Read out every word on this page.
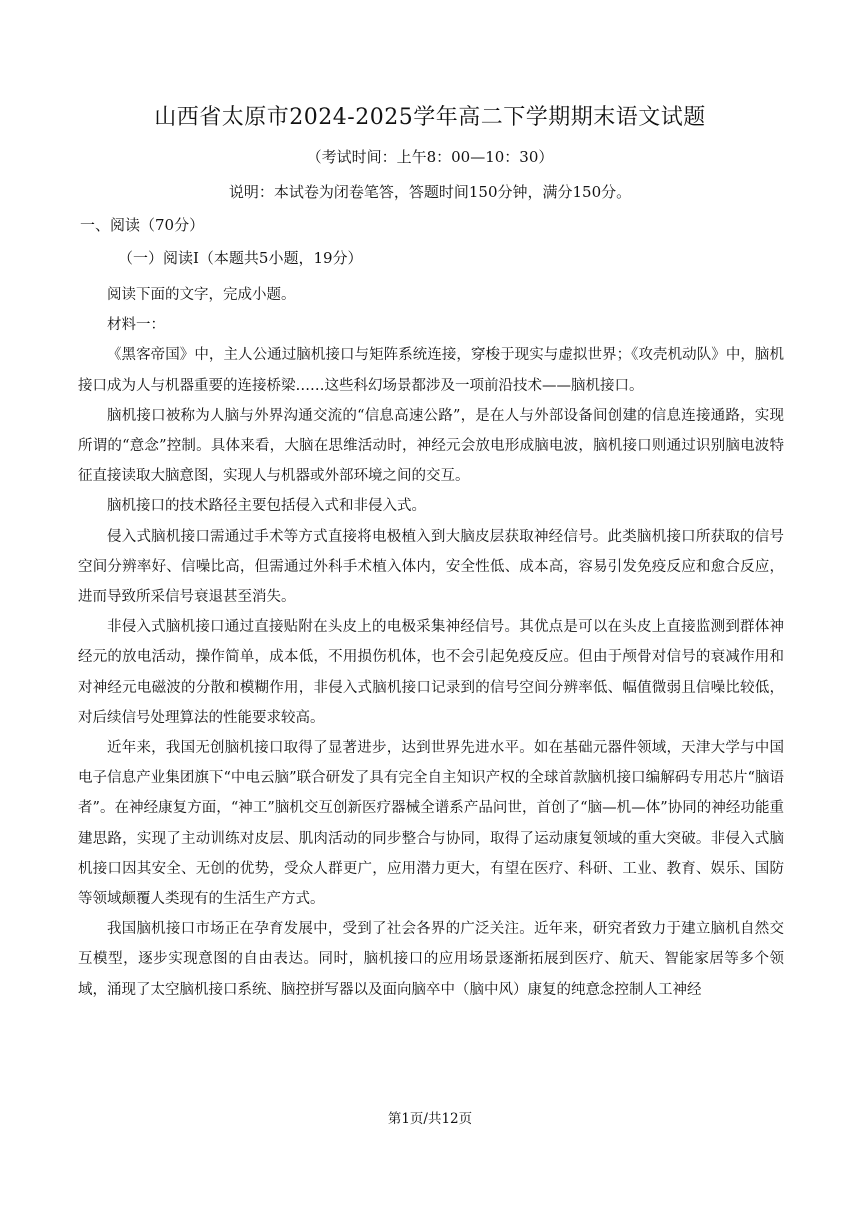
山西省太原市2024-2025学年高二下学期期末语文试题
（考试时间：上午8：00—10：30）
说明：本试卷为闭卷笔答，答题时间150分钟，满分150分。
一、阅读（70分）
（一）阅读Ⅰ（本题共5小题，19分）

阅读下面的文字，完成小题。

材料一：

《黑客帝国》中，主人公通过脑机接口与矩阵系统连接，穿梭于现实与虚拟世界；《攻壳机动队》中，脑机接口成为人与机器重要的连接桥梁……这些科幻场景都涉及一项前沿技术——脑机接口。

脑机接口被称为人脑与外界沟通交流的“信息高速公路”，是在人与外部设备间创建的信息连接通路，实现所谓的“意念”控制。具体来看，大脑在思维活动时，神经元会放电形成脑电波，脑机接口则通过识别脑电波特征直接读取大脑意图，实现人与机器或外部环境之间的交互。

脑机接口的技术路径主要包括侵入式和非侵入式。

侵入式脑机接口需通过手术等方式直接将电极植入到大脑皮层获取神经信号。此类脑机接口所获取的信号空间分辨率好、信噪比高，但需通过外科手术植入体内，安全性低、成本高，容易引发免疫反应和愈合反应，进而导致所采信号衰退甚至消失。

非侵入式脑机接口通过直接贴附在头皮上的电极采集神经信号。其优点是可以在头皮上直接监测到群体神经元的放电活动，操作简单，成本低，不用损伤机体，也不会引起免疫反应。但由于颅骨对信号的衰减作用和对神经元电磁波的分散和模糊作用，非侵入式脑机接口记录到的信号空间分辨率低、幅值微弱且信噪比较低，对后续信号处理算法的性能要求较高。

近年来，我国无创脑机接口取得了显著进步，达到世界先进水平。如在基础元器件领域，天津大学与中国电子信息产业集团旗下“中电云脑”联合研发了具有完全自主知识产权的全球首款脑机接口编解码专用芯片“脑语者”。在神经康复方面，“神工”脑机交互创新医疗器械全谱系产品问世，首创了“脑—机—体”协同的神经功能重建思路，实现了主动训练对皮层、肌肉活动的同步整合与协同，取得了运动康复领域的重大突破。非侵入式脑机接口因其安全、无创的优势，受众人群更广，应用潜力更大，有望在医疗、科研、工业、教育、娱乐、国防等领域颠覆人类现有的生活生产方式。

我国脑机接口市场正在孕育发展中，受到了社会各界的广泛关注。近年来，研究者致力于建立脑机自然交互模型，逐步实现意图的自由表达。同时，脑机接口的应用场景逐渐拓展到医疗、航天、智能家居等多个领域，涌现了太空脑机接口系统、脑控拼写器以及面向脑卒中（脑中风）康复的纯意念控制人工神经

第1页/共12页
